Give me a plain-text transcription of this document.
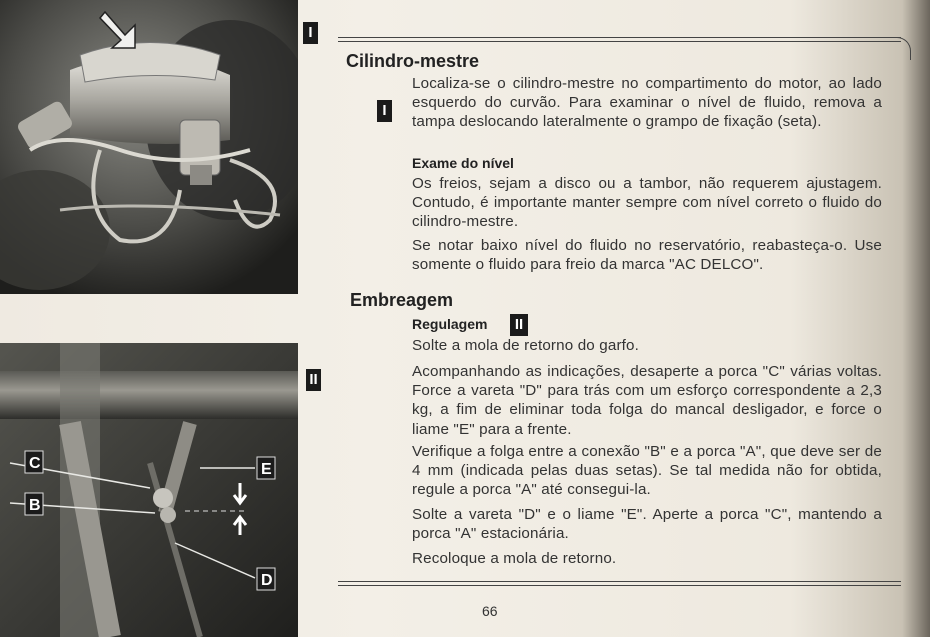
C
B
E
D
I
II
Cilindro-mestre
I
Localiza-se o cilindro-mestre no compartimento do motor, ao lado esquerdo do curvão. Para examinar o nível de fluido, remova a tampa deslocando lateralmente o grampo de fixação (seta).
Exame do nível
Os freios, sejam a disco ou a tambor, não requerem ajustagem. Contudo, é importante manter sempre com nível correto o fluido do cilindro-mestre.
Se notar baixo nível do fluido no reservatório, reabasteça-o. Use somente o fluido para freio da marca "AC DELCO".
Embreagem
Regulagem	II
Solte a mola de retorno do garfo.
Acompanhando as indicações, desaperte a porca "C" várias voltas. Force a vareta "D" para trás com um esforço correspondente a 2,3 kg, a fim de eliminar toda folga do mancal desligador, e force o liame "E" para a frente.
Verifique a folga entre a conexão "B" e a porca "A", que deve ser de 4 mm (indicada pelas duas setas). Se tal medida não for obtida, regule a porca "A" até consegui-la.
Solte a vareta "D" e o liame "E". Aperte a porca "C", mantendo a porca "A" estacionária.
Recoloque a mola de retorno.
66
